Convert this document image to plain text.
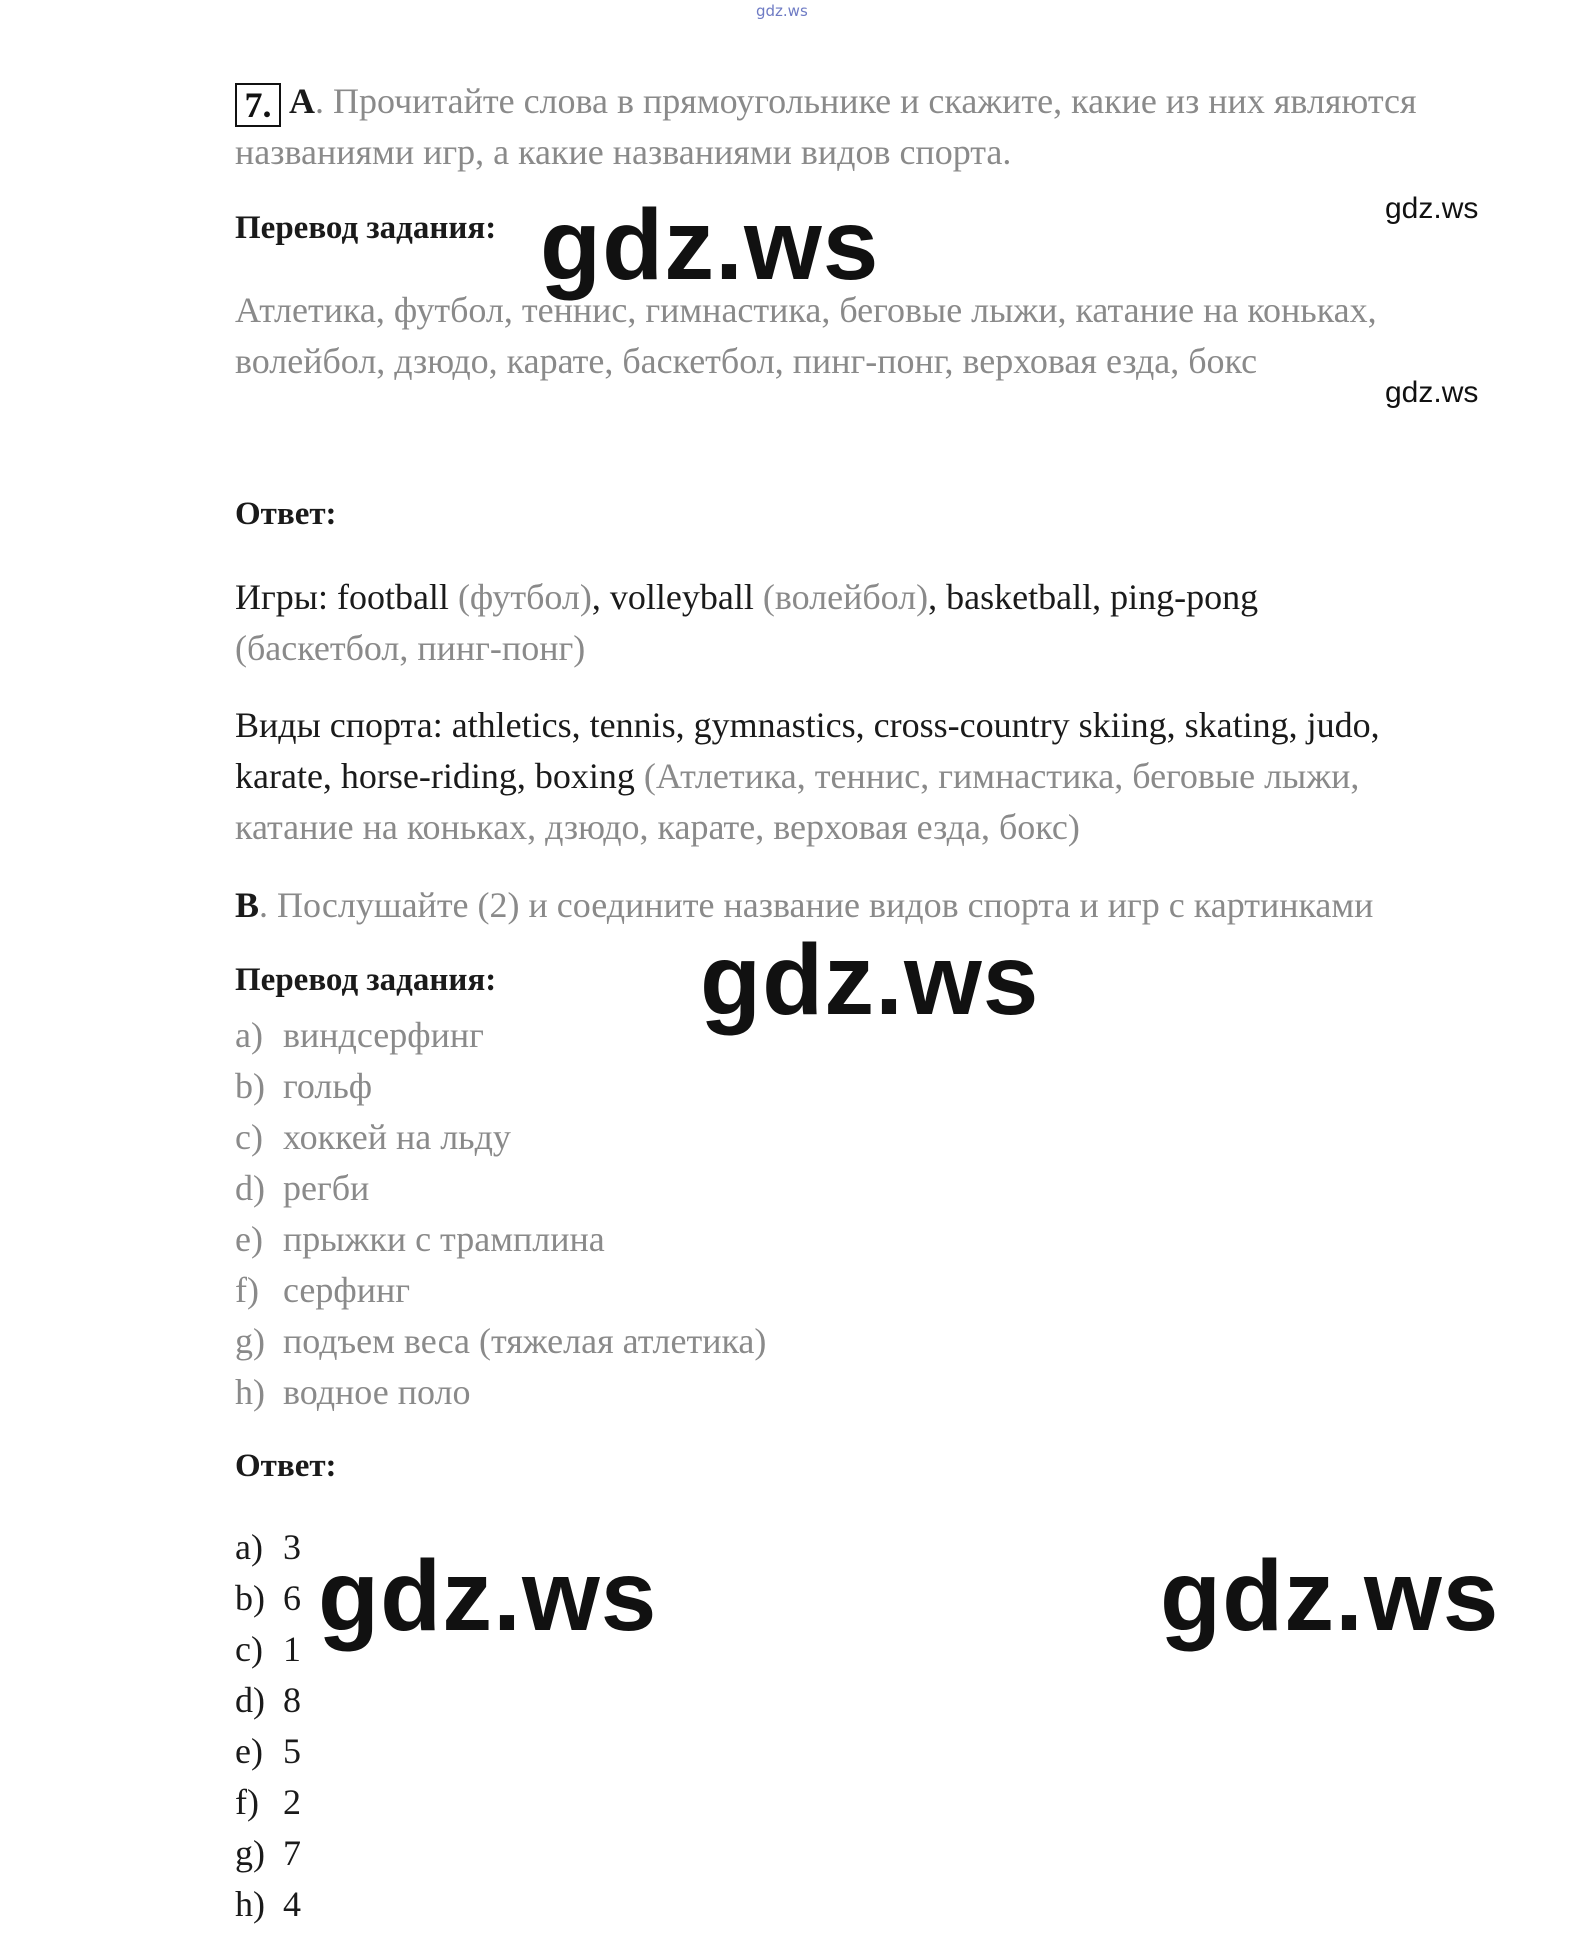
gdz.ws
gdz.ws
gdz.ws
7. A. Прочитайте слова в прямоугольнике и скажите, какие из них являются
названиями игр, а какие названиями видов спорта.
Перевод задания: gdz.ws
Атлетика, футбол, теннис, гимнастика, беговые лыжи, катание на коньках,
волейбол, дзюдо, карате, баскетбол, пинг-понг, верховая езда, бокс
Ответ:
Игры: football (футбол), volleyball (волейбол), basketball, ping-pong
(баскетбол, пинг-понг)
Виды спорта: athletics, tennis, gymnastics, cross-country skiing, skating, judo,
karate, horse-riding, boxing (Атлетика, теннис, гимнастика, беговые лыжи,
катание на коньках, дзюдо, карате, верховая езда, бокс)
B. Послушайте (2) и соедините название видов спорта и игр с картинками
Перевод задания: gdz.ws
a) виндсерфинг
b) гольф
c) хоккей на льду
d) регби
e) прыжки с трамплина
f) серфинг
g) подъем веса (тяжелая атлетика)
h) водное поло
Ответ:
a) 3
b) 6
c) 1
d) 8
e) 5
f) 2
g) 7
h) 4
gdz.ws	gdz.ws
